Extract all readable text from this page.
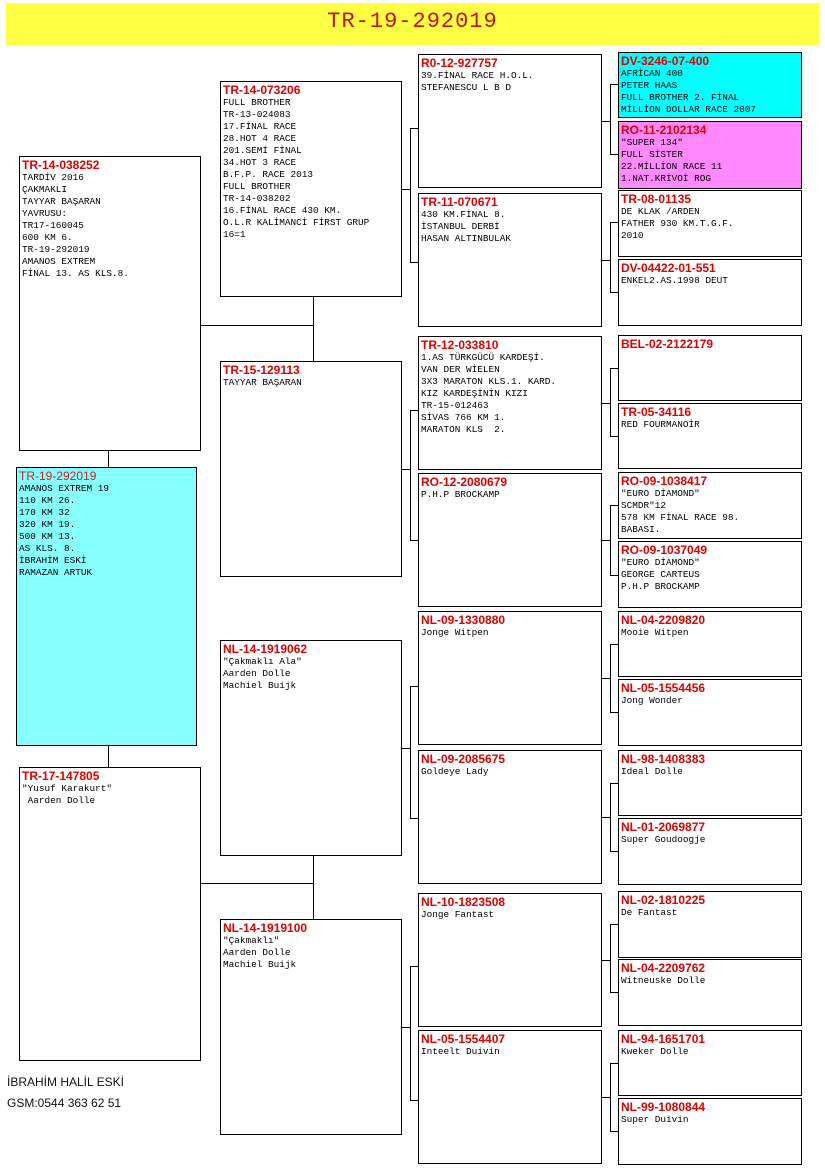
TR-19-292019
TR-14-038252
TARDİV 2016
ÇAKMAKLI
TAYYAR BAŞARAN
YAVRUSU:
TR17-160045
600 KM 6.
TR-19-292019
AMANOS EXTREM
FİNAL 13. AS KLS.8.
TR-19-292019
AMANOS EXTREM 19
110 KM 26.
170 KM 32
320 KM 19.
500 KM 13.
AS KLS. 8.
İBRAHİM ESKİ
RAMAZAN ARTUK
TR-17-147805
"Yusuf Karakurt"
Aarden Dolle
TR-14-073206
FULL BROTHER
TR-13-024083
17.FİNAL RACE
28.HOT 4 RACE
201.SEMİ FİNAL
34.HOT 3 RACE
B.F.P. RACE 2013
FULL BROTHER
TR-14-038202
16.FİNAL RACE 430 KM.
O.L.R KALİMANCİ FİRST GRUP
16=1
TR-15-129113
TAYYAR BAŞARAN
NL-14-1919062
"Çakmaklı Ala"
Aarden Dolle
Machiel Buijk
NL-14-1919100
"Çakmaklı"
Aarden Dolle
Machiel Buijk
R0-12-927757
39.FİNAL RACE H.O.L.
STEFANESCU L B D
TR-11-070671
430 KM.FİNAL 8.
İSTANBUL DERBİ
HASAN ALTINBULAK
TR-12-033810
1.AS TÜRKGÜCÜ KARDEŞİ.
VAN DER WİELEN
3X3 MARATON KLS.1. KARD.
KIZ KARDEŞİNİN KIZI
TR-15-012463
SİVAS 766 KM 1.
MARATON KLS  2.
RO-12-2080679
P.H.P BROCKAMP
NL-09-1330880
Jonge Witpen
NL-09-2085675
Goldeye Lady
NL-10-1823508
Jonge Fantast
NL-05-1554407
Inteelt Duivin
DV-3246-07-400
AFRİCAN 400
PETER HAAS
FULL BROTHER 2. FİNAL
MİLLİON DOLLAR RACE 2007
RO-11-2102134
"SUPER 134"
FULL SİSTER
22.MİLLİON RACE 11
1.NAT.KRİVOİ ROG
TR-08-01135
DE KLAK /ARDEN
FATHER 930 KM.T.G.F.
2010
DV-04422-01-551
ENKEL2.AS.1998 DEUT
BEL-02-2122179
TR-05-34116
RED FOURMANOİR
RO-09-1038417
"EURO DİAMOND"
SCMDR"12
578 KM FİNAL RACE 98.
BABASI.
RO-09-1037049
"EURO DİAMOND"
GEORGE CARTEUS
P.H.P BROCKAMP
NL-04-2209820
Mooie Witpen
NL-05-1554456
Jong Wonder
NL-98-1408383
Ideal Dolle
NL-01-2069877
Super Goudoogje
NL-02-1810225
De Fantast
NL-04-2209762
Witneuske Dolle
NL-94-1651701
Kweker Dolle
NL-99-1080844
Super Duivin
İBRAHİM HALİL ESKİ
GSM:0544 363 62 51
